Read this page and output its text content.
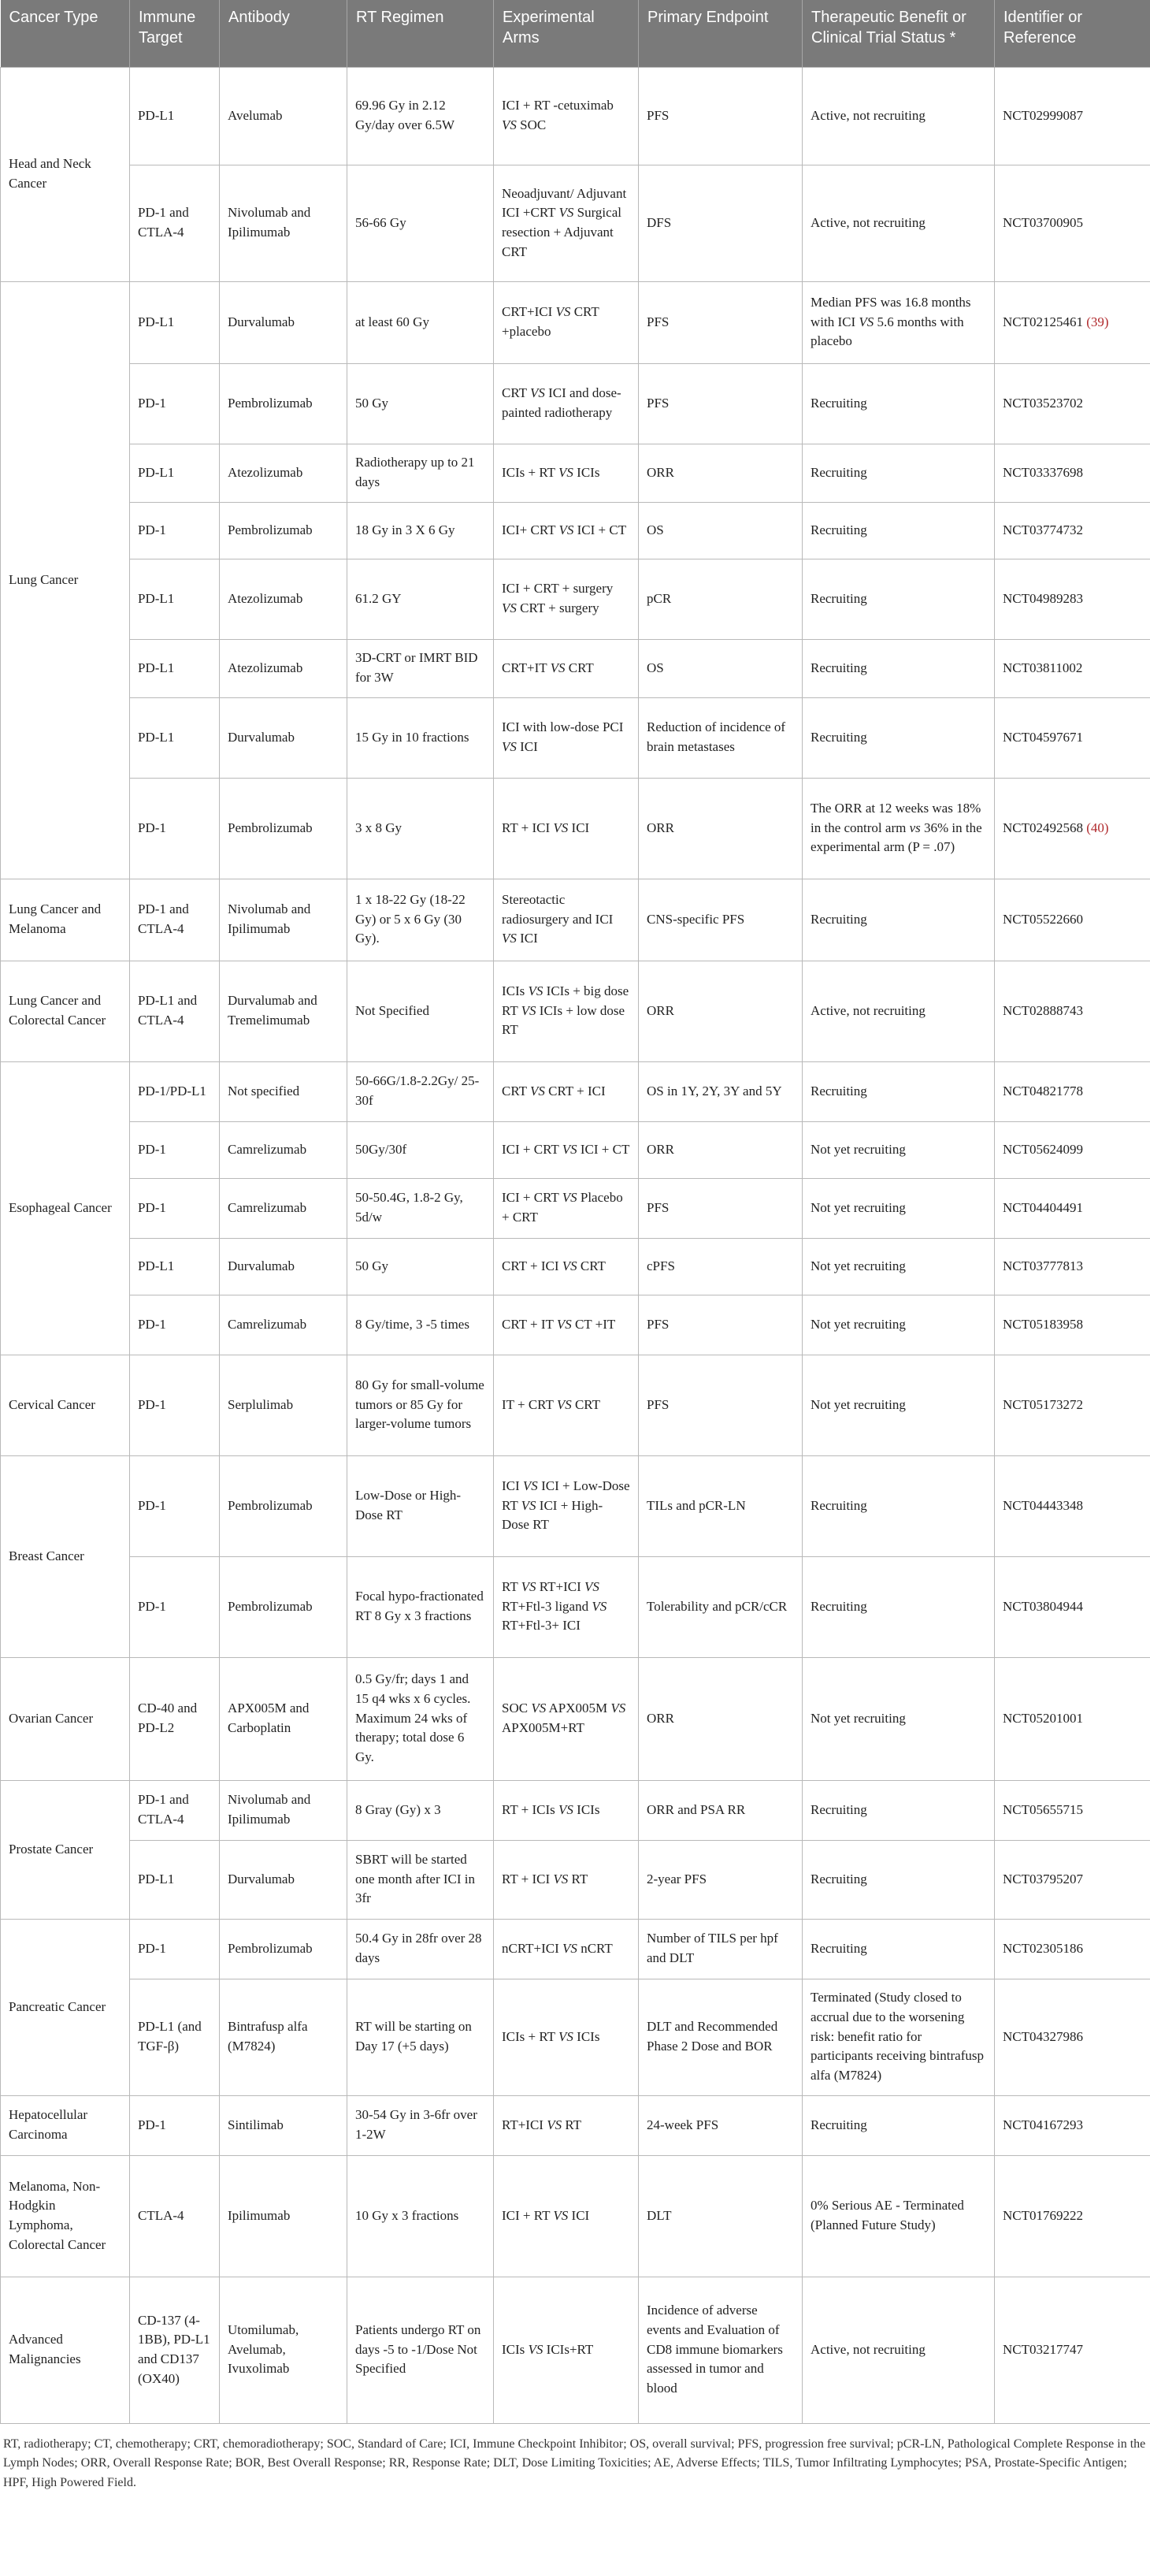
Cancer Type	Immune Target	Antibody	RT Regimen	Experimental Arms	Primary Endpoint	Therapeutic Benefit or Clinical Trial Status *	Identifier or Reference
Head and Neck Cancer	PD-L1	Avelumab	69.96 Gy in 2.12 Gy/day over 6.5W	ICI + RT -cetuximab VS SOC	PFS	Active, not recruiting	NCT02999087
	PD-1 and CTLA-4	Nivolumab and Ipilimumab	56-66 Gy	Neoadjuvant/ Adjuvant ICI +CRT VS Surgical resection + Adjuvant CRT	DFS	Active, not recruiting	NCT03700905
Lung Cancer	PD-L1	Durvalumab	at least 60 Gy	CRT+ICI VS CRT +placebo	PFS	Median PFS was 16.8 months with ICI VS 5.6 months with placebo	NCT02125461 (39)
	PD-1	Pembrolizumab	50 Gy	CRT VS ICI and dose-painted radiotherapy	PFS	Recruiting	NCT03523702
	PD-L1	Atezolizumab	Radiotherapy up to 21 days	ICIs + RT VS ICIs	ORR	Recruiting	NCT03337698
	PD-1	Pembrolizumab	18 Gy in 3 X 6 Gy	ICI+ CRT VS ICI + CT	OS	Recruiting	NCT03774732
	PD-L1	Atezolizumab	61.2 GY	ICI + CRT + surgery VS CRT + surgery	pCR	Recruiting	NCT04989283
	PD-L1	Atezolizumab	3D-CRT or IMRT BID for 3W	CRT+IT VS CRT	OS	Recruiting	NCT03811002
	PD-L1	Durvalumab	15 Gy in 10 fractions	ICI with low-dose PCI VS ICI	Reduction of incidence of brain metastases	Recruiting	NCT04597671
	PD-1	Pembrolizumab	3 x 8 Gy	RT + ICI VS ICI	ORR	The ORR at 12 weeks was 18% in the control arm vs 36% in the experimental arm (P = .07)	NCT02492568 (40)
Lung Cancer and Melanoma	PD-1 and CTLA-4	Nivolumab and Ipilimumab	1 x 18-22 Gy (18-22 Gy) or 5 x 6 Gy (30 Gy).	Stereotactic radiosurgery and ICI VS ICI	CNS-specific PFS	Recruiting	NCT05522660
Lung Cancer and Colorectal Cancer	PD-L1 and CTLA-4	Durvalumab and Tremelimumab	Not Specified	ICIs VS ICIs + big dose RT VS ICIs + low dose RT	ORR	Active, not recruiting	NCT02888743
Esophageal Cancer	PD-1/PD-L1	Not specified	50-66G/1.8-2.2Gy/ 25-30f	CRT VS CRT + ICI	OS in 1Y, 2Y, 3Y and 5Y	Recruiting	NCT04821778
	PD-1	Camrelizumab	50Gy/30f	ICI + CRT VS ICI + CT	ORR	Not yet recruiting	NCT05624099
	PD-1	Camrelizumab	50-50.4G, 1.8-2 Gy, 5d/w	ICI + CRT VS Placebo + CRT	PFS	Not yet recruiting	NCT04404491
	PD-L1	Durvalumab	50 Gy	CRT + ICI VS CRT	cPFS	Not yet recruiting	NCT03777813
	PD-1	Camrelizumab	8 Gy/time, 3 -5 times	CRT + IT VS CT +IT	PFS	Not yet recruiting	NCT05183958
Cervical Cancer	PD-1	Serplulimab	80 Gy for small-volume tumors or 85 Gy for larger-volume tumors	IT + CRT VS CRT	PFS	Not yet recruiting	NCT05173272
Breast Cancer	PD-1	Pembrolizumab	Low-Dose or High-Dose RT	ICI VS ICI + Low-Dose RT VS ICI + High-Dose RT	TILs and pCR-LN	Recruiting	NCT04443348
	PD-1	Pembrolizumab	Focal hypo-fractionated RT 8 Gy x 3 fractions	RT VS RT+ICI VS RT+Ftl-3 ligand VS RT+Ftl-3+ ICI	Tolerability and pCR/cCR	Recruiting	NCT03804944
Ovarian Cancer	CD-40 and PD-L2	APX005M and Carboplatin	0.5 Gy/fr; days 1 and 15 q4 wks x 6 cycles. Maximum 24 wks of therapy; total dose 6 Gy.	SOC VS APX005M VS APX005M+RT	ORR	Not yet recruiting	NCT05201001
Prostate Cancer	PD-1 and CTLA-4	Nivolumab and Ipilimumab	8 Gray (Gy) x 3	RT + ICIs VS ICIs	ORR and PSA RR	Recruiting	NCT05655715
	PD-L1	Durvalumab	SBRT will be started one month after ICI in 3fr	RT + ICI VS RT	2-year PFS	Recruiting	NCT03795207
Pancreatic Cancer	PD-1	Pembrolizumab	50.4 Gy in 28fr over 28 days	nCRT+ICI VS nCRT	Number of TILS per hpf and DLT	Recruiting	NCT02305186
	PD-L1 (and TGF-β)	Bintrafusp alfa (M7824)	RT will be starting on Day 17 (+5 days)	ICIs + RT VS ICIs	DLT and Recommended Phase 2 Dose and BOR	Terminated (Study closed to accrual due to the worsening risk: benefit ratio for participants receiving bintrafusp alfa (M7824)	NCT04327986
Hepatocellular Carcinoma	PD-1	Sintilimab	30-54 Gy in 3-6fr over 1-2W	RT+ICI VS RT	24-week PFS	Recruiting	NCT04167293
Melanoma, Non-Hodgkin Lymphoma, Colorectal Cancer	CTLA-4	Ipilimumab	10 Gy x 3 fractions	ICI + RT VS ICI	DLT	0% Serious AE - Terminated (Planned Future Study)	NCT01769222
Advanced Malignancies	CD-137 (4-1BB), PD-L1 and CD137 (OX40)	Utomilumab, Avelumab, Ivuxolimab	Patients undergo RT on days -5 to -1/Dose Not Specified	ICIs VS ICIs+RT	Incidence of adverse events and Evaluation of CD8 immune biomarkers assessed in tumor and blood	Active, not recruiting	NCT03217747
RT, radiotherapy; CT, chemotherapy; CRT, chemoradiotherapy; SOC, Standard of Care; ICI, Immune Checkpoint Inhibitor; OS, overall survival; PFS, progression free survival; pCR-LN, Pathological Complete Response in the Lymph Nodes; ORR, Overall Response Rate; BOR, Best Overall Response; RR, Response Rate; DLT, Dose Limiting Toxicities; AE, Adverse Effects; TILS, Tumor Infiltrating Lymphocytes; PSA, Prostate-Specific Antigen; HPF, High Powered Field.
